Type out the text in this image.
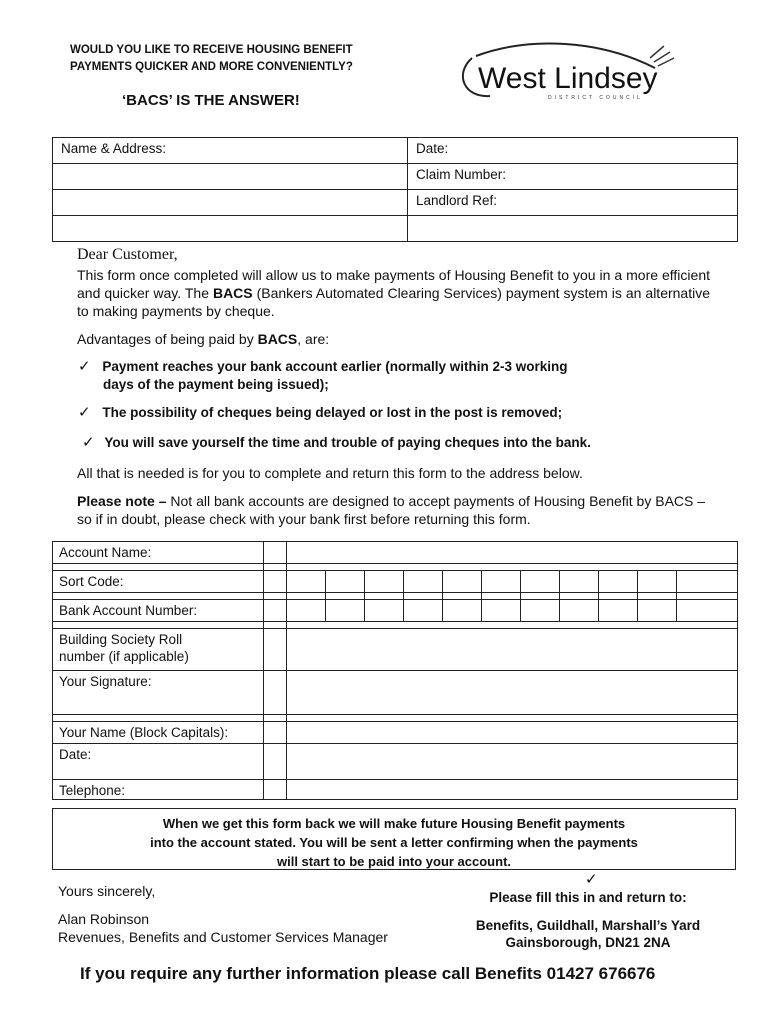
WOULD YOU LIKE TO RECEIVE HOUSING BENEFIT
PAYMENTS QUICKER AND MORE CONVENIENTLY?
‘BACS’ IS THE ANSWER!
West Lindsey
DISTRICT COUNCIL
Name & Address:	Date:

	Claim Number:

	Landlord Ref:

Dear Customer,
This form once completed will allow us to make payments of Housing Benefit to you in a more efficient and quicker way. The BACS (Bankers Automated Clearing Services) payment system is an alternative to making payments by cheque.
Advantages of being paid by BACS, are:
✓ Payment reaches your bank account earlier (normally within 2-3 working
days of the payment being issued);
✓ The possibility of cheques being delayed or lost in the post is removed;
✓ You will save yourself the time and trouble of paying cheques into the bank.
All that is needed is for you to complete and return this form to the address below.
Please note – Not all bank accounts are designed to accept payments of Housing Benefit by BACS – so if in doubt, please check with your bank first before returning this form.
Account Name:												

Sort Code:												

Bank Account Number:												

Building Society Roll
number (if applicable)												

Your Signature:												

Your Name (Block Capitals):												
Date:												
Telephone:												
When we get this form back we will make future Housing Benefit payments
into the account stated. You will be sent a letter confirming when the payments
will start to be paid into your account.
Yours sincerely,
Alan Robinson
Revenues, Benefits and Customer Services Manager
✓
Please fill this in and return to:
Benefits, Guildhall, Marshall’s Yard
Gainsborough, DN21 2NA
If you require any further information please call Benefits 01427 676676
